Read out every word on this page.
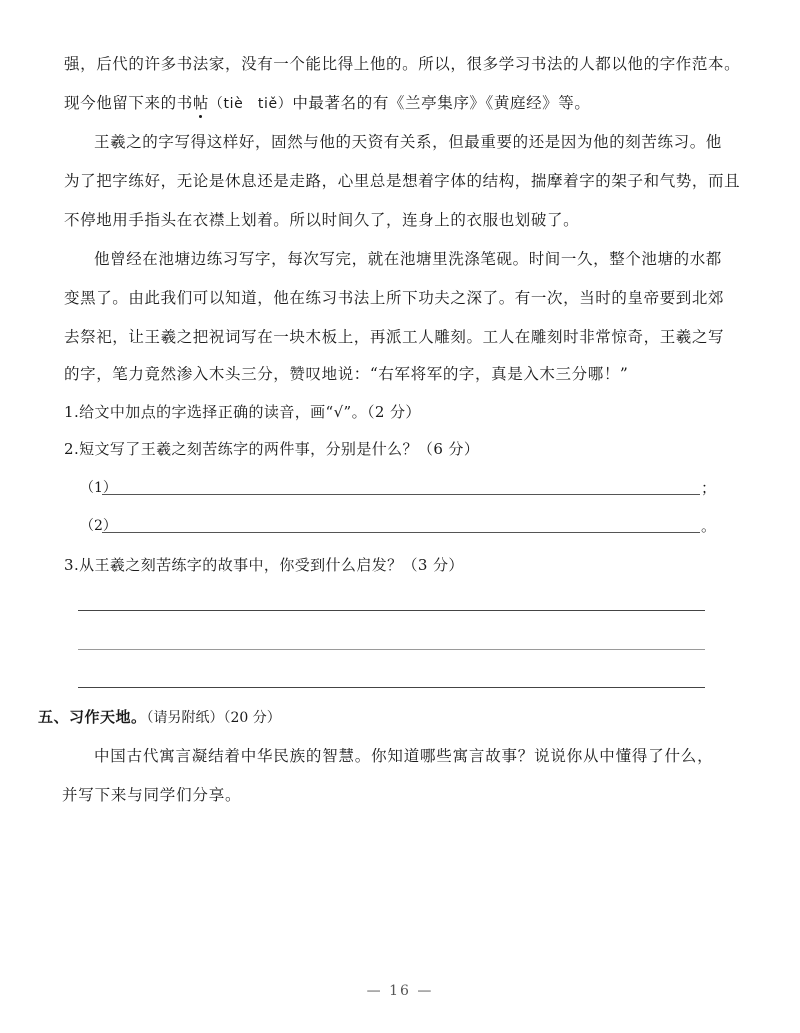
强，后代的许多书法家，没有一个能比得上他的。所以，很多学习书法的人都以他的字作范本。
现今他留下来的书帖（tiè　tiě）中最著名的有《兰亭集序》《黄庭经》等。
王羲之的字写得这样好，固然与他的天资有关系，但最重要的还是因为他的刻苦练习。他
为了把字练好，无论是休息还是走路，心里总是想着字体的结构，揣摩着字的架子和气势，而且
不停地用手指头在衣襟上划着。所以时间久了，连身上的衣服也划破了。
他曾经在池塘边练习写字，每次写完，就在池塘里洗涤笔砚。时间一久，整个池塘的水都
变黑了。由此我们可以知道，他在练习书法上所下功夫之深了。有一次，当时的皇帝要到北郊
去祭祀，让王羲之把祝词写在一块木板上，再派工人雕刻。工人在雕刻时非常惊奇，王羲之写
的字，笔力竟然渗入木头三分，赞叹地说：“右军将军的字，真是入木三分哪！”
1.给文中加点的字选择正确的读音，画“√”。（2 分）
2.短文写了王羲之刻苦练字的两件事，分别是什么？（6 分）
（1）	；
（2）	。
3.从王羲之刻苦练字的故事中，你受到什么启发？（3 分）
五、习作天地。（请另附纸）（20 分）
中国古代寓言凝结着中华民族的智慧。你知道哪些寓言故事？说说你从中懂得了什么，
并写下来与同学们分享。
— 16 —
